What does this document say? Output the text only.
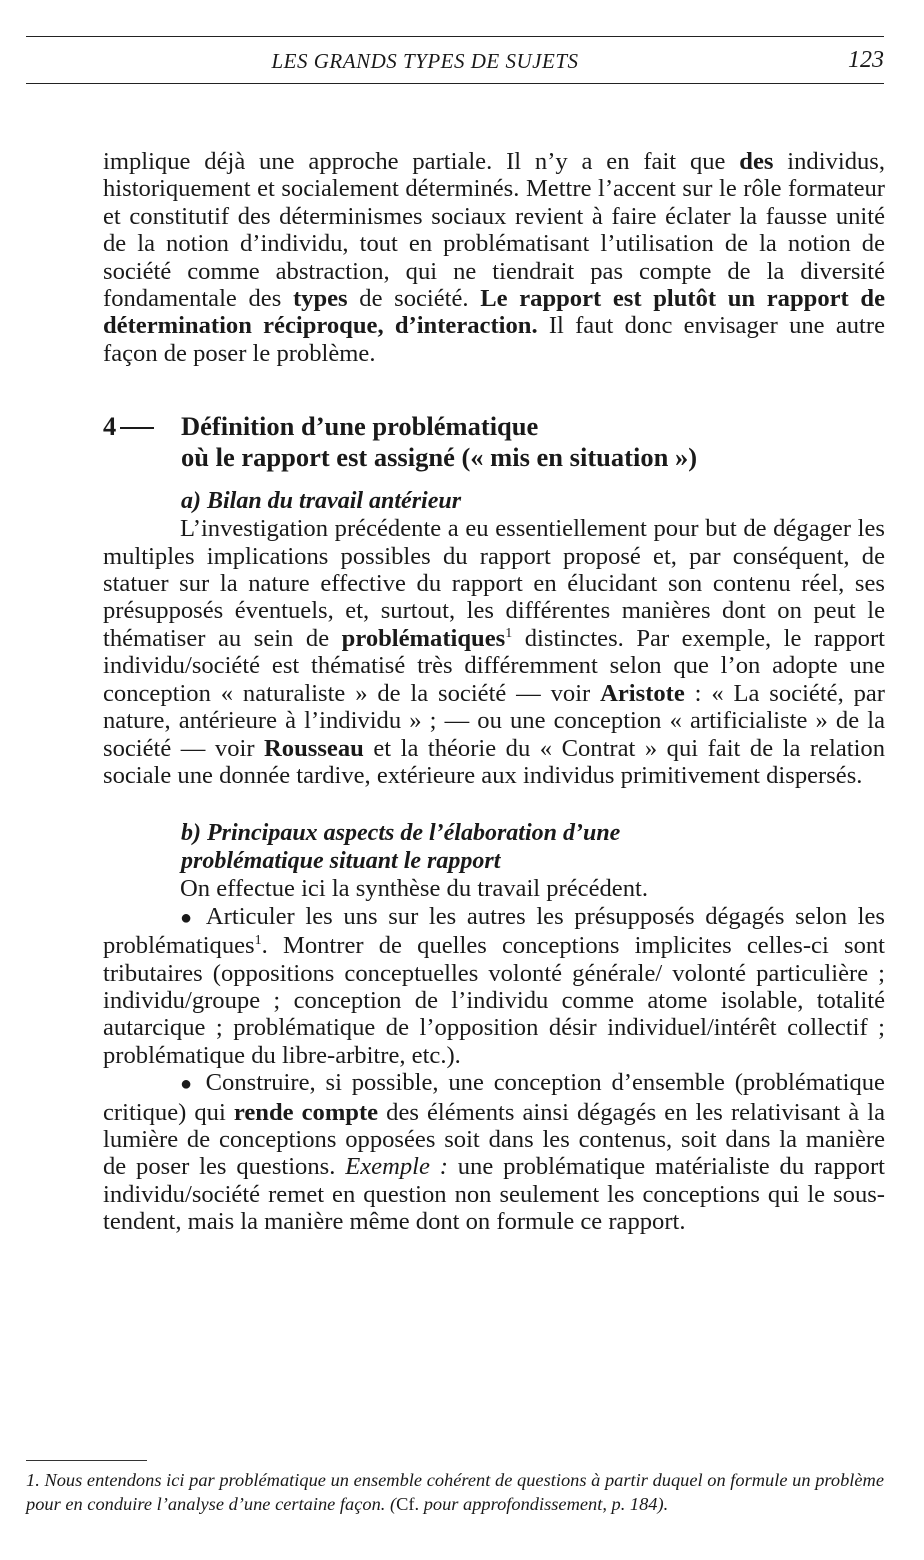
LES GRANDS TYPES DE SUJETS	123

implique déjà une approche partiale. Il n’y a en fait que des individus, historiquement et socialement déterminés. Mettre l’accent sur le rôle formateur et constitutif des déterminismes sociaux revient à faire éclater la fausse unité de la notion d’individu, tout en problématisant l’utilisation de la notion de société comme abstraction, qui ne tiendrait pas compte de la diversité fondamentale des types de société. Le rapport est plutôt un rapport de détermination réciproque, d’interaction. Il faut donc envisager une autre façon de poser le problème.

4	Définition d’une problématique
où le rapport est assigné (« mis en situation »)
a) Bilan du travail antérieur

L’investigation précédente a eu essentiellement pour but de dégager les multiples implications possibles du rapport proposé et, par conséquent, de statuer sur la nature effective du rapport en élucidant son contenu réel, ses présupposés éventuels, et, surtout, les différentes manières dont on peut le thématiser au sein de problématiques$^1$ distinctes. Par exemple, le rapport individu/société est thématisé très différemment selon que l’on adopte une conception « naturaliste » de la société — voir Aristote : « La société, par nature, antérieure à l’individu » ; — ou une conception « artificialiste » de la société — voir Rousseau et la théorie du « Contrat » qui fait de la relation sociale une donnée tardive, extérieure aux individus primitivement dispersés.

b) Principaux aspects de l’élaboration d’une
problématique situant le rapport

On effectue ici la synthèse du travail précédent.

● Articuler les uns sur les autres les présupposés dégagés selon les problématiques$^1$. Montrer de quelles conceptions implicites celles-ci sont tributaires (oppositions conceptuelles volonté générale/ volonté particulière ; individu/groupe ; conception de l’individu comme atome isolable, totalité autarcique ; problématique de l’opposition désir individuel/intérêt collectif ; problématique du libre-arbitre, etc.).

● Construire, si possible, une conception d’ensemble (problématique critique) qui rende compte des éléments ainsi dégagés en les relativisant à la lumière de conceptions opposées soit dans les contenus, soit dans la manière de poser les questions. Exemple : une problématique matérialiste du rapport individu/société remet en question non seulement les conceptions qui le sous-tendent, mais la manière même dont on formule ce rapport.

1. Nous entendons ici par problématique un ensemble cohérent de questions à partir duquel on formule un problème pour en conduire l’analyse d’une certaine façon. (Cf. pour approfondissement, p. 184).
